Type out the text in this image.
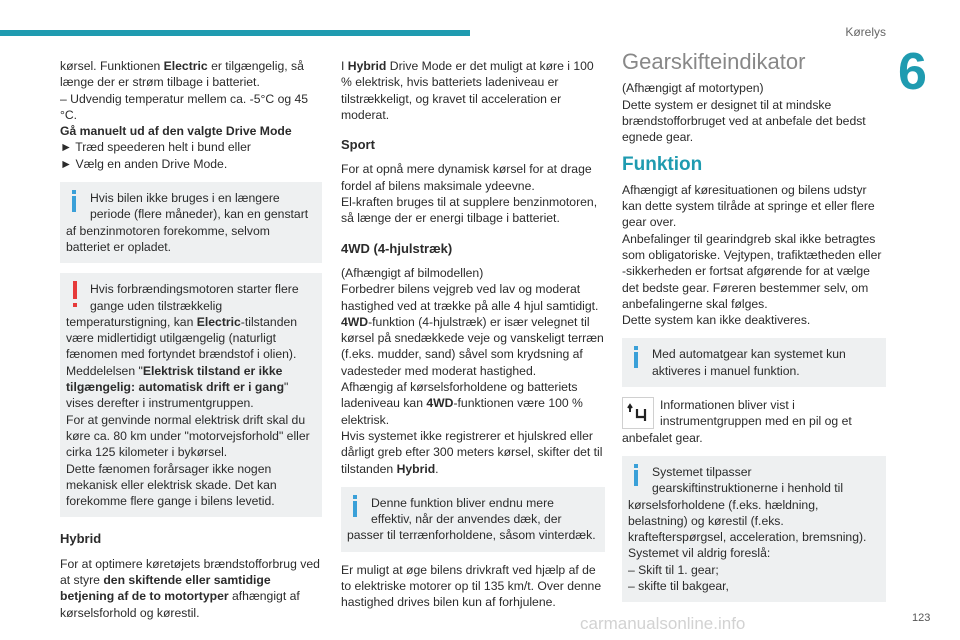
Kørelys
6

kørsel. Funktionen Electric er tilgængelig, så længe der er strøm tilbage i batteriet.
– Udvendig temperatur mellem ca. -5°C og 45 °C.
Gå manuelt ud af den valgte Drive Mode
► Træd speederen helt i bund eller
► Vælg en anden Drive Mode.

Hvis bilen ikke bruges i en længere periode (flere måneder), kan en genstart af benzinmotoren forekomme, selvom batteriet er opladet.
Hvis forbrændingsmotoren starter flere gange uden tilstrækkelig temperaturstigning, kan Electric-tilstanden være midlertidigt utilgængelig (naturligt fænomen med fortyndet brændstof i olien).
Meddelelsen "Elektrisk tilstand er ikke tilgængelig: automatisk drift er i gang" vises derefter i instrumentgruppen.
For at genvinde normal elektrisk drift skal du køre ca. 80 km under "motorvejsforhold" eller cirka 125 kilometer i bykørsel.
Dette fænomen forårsager ikke nogen mekanisk eller elektrisk skade. Det kan forekomme flere gange i bilens levetid.
Hybrid

For at optimere køretøjets brændstofforbrug ved at styre den skiftende eller samtidige betjening af de to motortyper afhængigt af kørselsforhold og kørestil.

I Hybrid Drive Mode er det muligt at køre i 100 % elektrisk, hvis batteriets ladeniveau er tilstrækkeligt, og kravet til acceleration er moderat.

Sport

For at opnå mere dynamisk kørsel for at drage fordel af bilens maksimale ydeevne.
El-kraften bruges til at supplere benzinmotoren, så længe der er energi tilbage i batteriet.

4WD (4-hjulstræk)

(Afhængigt af bilmodellen)
Forbedrer bilens vejgreb ved lav og moderat hastighed ved at trække på alle 4 hjul samtidigt.
4WD-funktion (4-hjulstræk) er især velegnet til kørsel på snedækkede veje og vanskeligt terræn (f.eks. mudder, sand) såvel som krydsning af vadesteder med moderat hastighed.
Afhængig af kørselsforholdene og batteriets ladeniveau kan 4WD-funktionen være 100 % elektrisk.
Hvis systemet ikke registrerer et hjulskred eller dårligt greb efter 300 meters kørsel, skifter det til tilstanden Hybrid.

Denne funktion bliver endnu mere effektiv, når der anvendes dæk, der passer til terrænforholdene, såsom vinterdæk.

Er muligt at øge bilens drivkraft ved hjælp af de to elektriske motorer op til 135 km/t. Over denne hastighed drives bilen kun af forhjulene.

Gearskifteindikator

(Afhængigt af motortypen)
Dette system er designet til at mindske brændstofforbruget ved at anbefale det bedst egnede gear.

Funktion

Afhængigt af køresituationen og bilens udstyr kan dette system tilråde at springe et eller flere gear over.
Anbefalinger til gearindgreb skal ikke betragtes som obligatoriske. Vejtypen, trafiktætheden eller -sikkerheden er fortsat afgørende for at vælge det bedste gear. Føreren bestemmer selv, om anbefalingerne skal følges.
Dette system kan ikke deaktiveres.

Med automatgear kan systemet kun aktiveres i manuel funktion.
Informationen bliver vist i instrumentgruppen med en pil og et anbefalet gear.
Systemet tilpasser gearskiftinstruktionerne i henhold til kørselsforholdene (f.eks. hældning, belastning) og kørestil (f.eks. kraftefterspørgsel, acceleration, bremsning).
Systemet vil aldrig foreslå:
– Skift til 1. gear;
– skifte til bakgear,
carmanualsonline.info	123
